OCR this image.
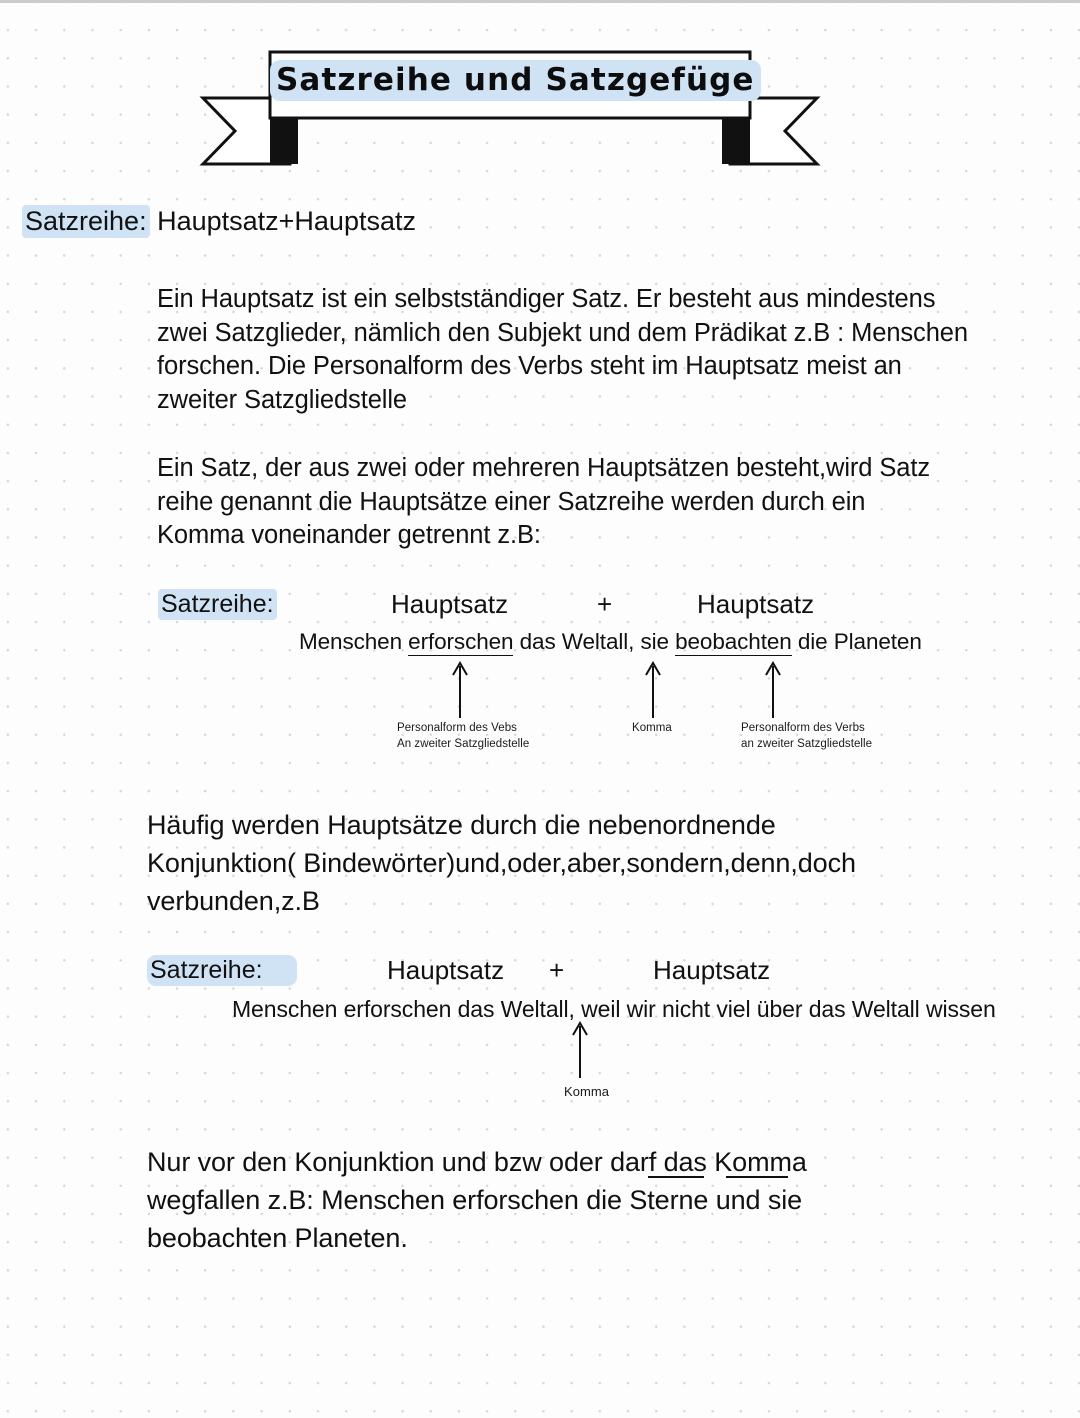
Satzreihe und Satzgefüge
Satzreihe: Hauptsatz+Hauptsatz
Ein Hauptsatz ist ein selbstständiger Satz. Er besteht aus mindestens
zwei Satzglieder, nämlich den Subjekt und dem Prädikat z.B : Menschen
forschen. Die Personalform des Verbs steht im Hauptsatz meist an
zweiter Satzgliedstelle
Ein Satz, der aus zwei oder mehreren Hauptsätzen besteht,wird Satz
reihe genannt die Hauptsätze einer Satzreihe werden durch ein
Komma voneinander getrennt z.B:
Satzreihe:	Hauptsatz	+	Hauptsatz
Menschen erforschen das Weltall, sie beobachten die Planeten
Personalform des Vebs
An zweiter Satzgliedstelle
Komma	Personalform des Verbs
an zweiter Satzgliedstelle
Häufig werden Hauptsätze durch die nebenordnende
Konjunktion( Bindewörter)und,oder,aber,sondern,denn,doch
verbunden,z.B
Satzreihe:	Hauptsatz +	Hauptsatz
Menschen erforschen das Weltall, weil wir nicht viel über das Weltall wissen
Komma
Nur vor den Konjunktion und bzw oder darf das Komma
wegfallen z.B: Menschen erforschen die Sterne und sie
beobachten Planeten.
